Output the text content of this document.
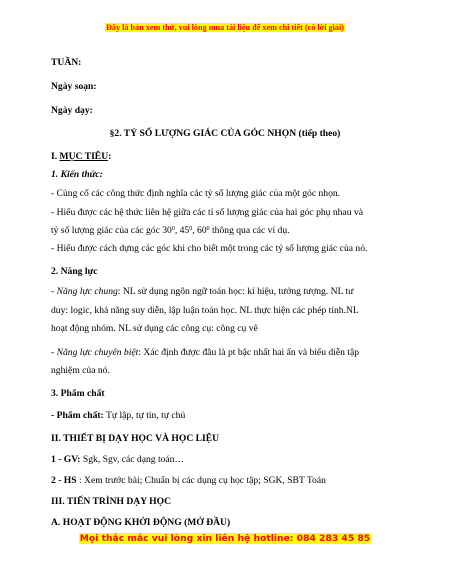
Đây là bản xem thử, vui lòng mua tài liệu để xem chi tiết (có lời giải)
TUẦN:
Ngày soạn:
Ngày dạy:
§2. TỶ SỐ LƯỢNG GIÁC CỦA GÓC NHỌN (tiếp theo)
I. MỤC TIÊU:
1. Kiến thức:
- Củng cố các công thức định nghĩa các tỷ số lượng giác của một góc nhọn.
- Hiểu được các hệ thức liên hệ giữa các tỉ số lượng giác của hai góc phụ nhau và
tỷ số lượng giác của các góc $30^0$, $45^0$, $60^0$ thông qua các ví dụ.
- Hiểu được cách dựng các góc khi cho biết một trong các tỷ số lượng giác của nó.
2. Năng lực
- Năng lực chung: NL sử dụng ngôn ngữ toán học: kí hiệu, tưởng tượng. NL tư
duy: logic, khả năng suy diễn, lập luận toán học. NL thực hiện các phép tính.NL
hoạt động nhóm. NL sử dụng các công cụ: công cụ vẽ
- Năng lực chuyên biệt: Xác định được đâu là pt bậc nhất hai ẩn và biểu diễn tập
nghiệm của nó.
3. Phẩm chất
- Phẩm chất: Tự lập, tự tin, tự chủ
II. THIẾT BỊ DẠY HỌC VÀ HỌC LIỆU
1 - GV: Sgk, Sgv, các dạng toán…
2 - HS : Xem trước bài; Chuẩn bị các dụng cụ học tập; SGK, SBT Toán
III. TIẾN TRÌNH DẠY HỌC
A. HOẠT ĐỘNG KHỞI ĐỘNG (MỞ ĐẦU)
Mọi thắc mắc vui lòng xin liên hệ hotline: 084 283 45 85
